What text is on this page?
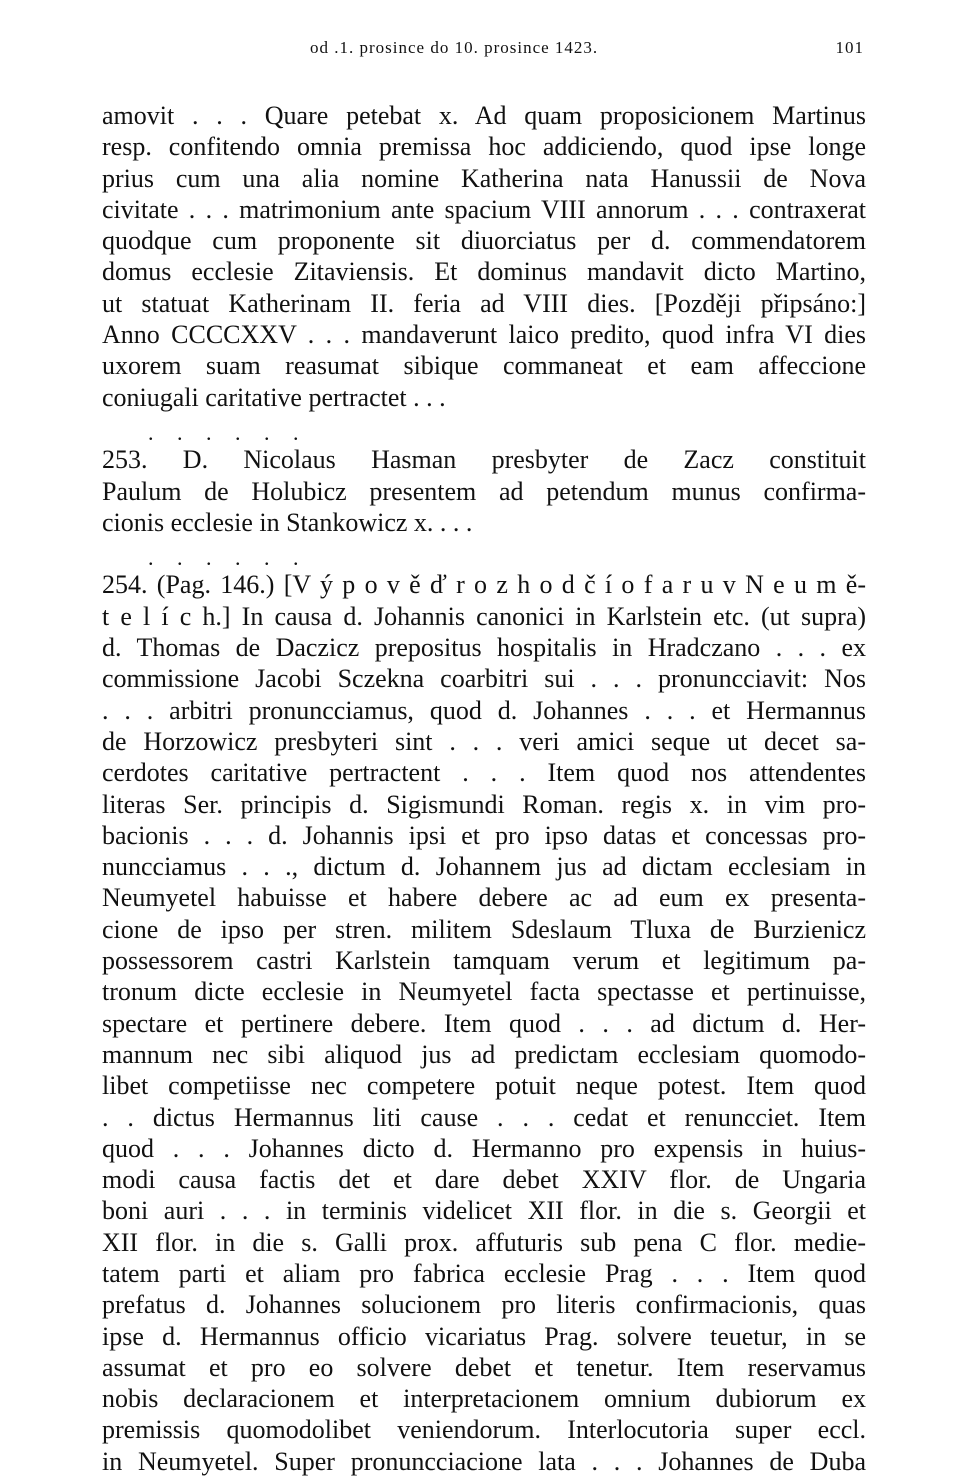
od .1. prosince do 10. prosince 1423.	101
amovit . . . Quare petebat x. Ad quam proposicionem Martinus
resp. confitendo omnia premissa hoc addiciendo, quod ipse longe
prius cum una alia nomine Katherina nata Hanussii de Nova
civitate . . . matrimonium ante spacium VIII annorum . . . contraxerat
quodque cum proponente sit diuorciatus per d. commendatorem
domus ecclesie Zitaviensis. Et dominus mandavit dicto Martino,
ut statuat Katherinam II. feria ad VIII dies. [Později připsáno:]
Anno CCCCXXV . . . mandaverunt laico predito, quod infra VI dies
uxorem suam reasumat sibique commaneat et eam affeccione
coniugali caritative pertractet . . .
. . . . . .
253. D. Nicolaus Hasman presbyter de Zacz constituit
Paulum de Holubicz presentem ad petendum munus confirma-
cionis ecclesie in Stankowicz x. . . .
. . . . . .
254. (Pag. 146.) [V ý p o v ě ď r o z h o d č í o f a r u v N e u m ě-
t e l í c h.] In causa d. Johannis canonici in Karlstein etc. (ut supra)
d. Thomas de Daczicz prepositus hospitalis in Hradczano . . . ex
commissione Jacobi Sczekna coarbitri sui . . . pronuncciavit: Nos
. . . arbitri pronuncciamus, quod d. Johannes . . . et Hermannus
de Horzowicz presbyteri sint . . . veri amici seque ut decet sa-
cerdotes caritative pertractent . . . Item quod nos attendentes
literas Ser. principis d. Sigismundi Roman. regis x. in vim pro-
bacionis . . . d. Johannis ipsi et pro ipso datas et concessas pro-
nuncciamus . . ., dictum d. Johannem jus ad dictam ecclesiam in
Neumyetel habuisse et habere debere ac ad eum ex presenta-
cione de ipso per stren. militem Sdeslaum Tluxa de Burzienicz
possessorem castri Karlstein tamquam verum et legitimum pa-
tronum dicte ecclesie in Neumyetel facta spectasse et pertinuisse,
spectare et pertinere debere. Item quod . . . ad dictum d. Her-
mannum nec sibi aliquod jus ad predictam ecclesiam quomodo-
libet competiisse nec competere potuit neque potest. Item quod
. . dictus Hermannus liti cause . . . cedat et renuncciet. Item
quod . . . Johannes dicto d. Hermanno pro expensis in huius-
modi causa factis det et dare debet XXIV flor. de Ungaria
boni auri . . . in terminis videlicet XII flor. in die s. Georgii et
XII flor. in die s. Galli prox. affuturis sub pena C flor. medie-
tatem parti et aliam pro fabrica ecclesie Prag . . . Item quod
prefatus d. Johannes solucionem pro literis confirmacionis, quas
ipse d. Hermannus officio vicariatus Prag. solvere teuetur, in se
assumat et pro eo solvere debet et tenetur. Item reservamus
nobis declaracionem et interpretacionem omnium dubiorum ex
premissis quomodolibet veniendorum. Interlocutoria super eccl.
in Neumyetel. Super pronuncciacione lata . . . Johannes de Duba
